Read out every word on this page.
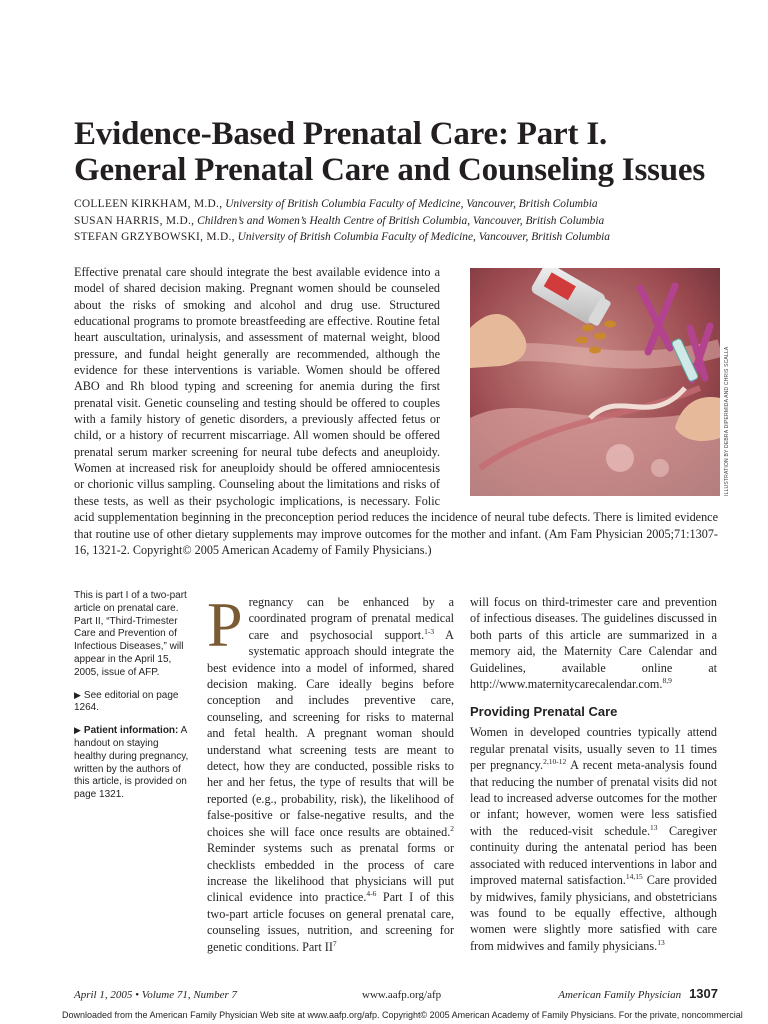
Evidence-Based Prenatal Care: Part I.
General Prenatal Care and Counseling Issues
COLLEEN KIRKHAM, M.D., University of British Columbia Faculty of Medicine, Vancouver, British Columbia
SUSAN HARRIS, M.D., Children’s and Women’s Health Centre of British Columbia, Vancouver, British Columbia
STEFAN GRZYBOWSKI, M.D., University of British Columbia Faculty of Medicine, Vancouver, British Columbia
Effective prenatal care should integrate the best available evidence into a model of shared decision making. Pregnant women should be counseled about the risks of smoking and alcohol and drug use. Structured educational programs to promote breastfeeding are effective. Routine fetal heart auscultation, urinalysis, and assessment of maternal weight, blood pressure, and fundal height generally are recommended, although the evidence for these interventions is variable. Women should be offered ABO and Rh blood typing and screening for anemia during the first prenatal visit. Genetic counseling and testing should be offered to couples with a family history of genetic disorders, a previously affected fetus or child, or a history of recurrent miscarriage. All women should be offered prenatal serum marker screening for neural tube defects and aneuploidy. Women at increased risk for aneuploidy should be offered amniocentesis or chorionic villus sampling. Counseling about the limitations and risks of these tests, as well as their psychologic implications, is necessary. Folic acid supplementation beginning in the preconception period reduces the incidence of neural tube defects. There is limited evidence that routine use of other dietary supplements may improve outcomes for the mother and infant. (Am Fam Physician 2005;71:1307-16, 1321-2. Copyright© 2005 American Academy of Family Physicians.)
ILLUSTRATION BY DEBRA DIPERMIDA AND CHRIS SCALLA

This is part I of a two-part article on prenatal care. Part II, “Third-Trimester Care and Prevention of Infectious Diseases,” will appear in the April 15, 2005, issue of AFP.

▶ See editorial on page 1264.

▶ Patient information: A handout on staying healthy during pregnancy, written by the authors of this article, is provided on page 1321.

Pregnancy can be enhanced by a coordinated program of prenatal medical care and psychosocial support.$^{1-3}$ A systematic approach should integrate the best evidence into a model of informed, shared decision making. Care ideally begins before conception and includes preventive care, counseling, and screening for risks to maternal and fetal health. A pregnant woman should understand what screening tests are meant to detect, how they are conducted, possible risks to her and her fetus, the type of results that will be reported (e.g., probability, risk), the likelihood of false-positive or false-negative results, and the choices she will face once results are obtained.$^2$ Reminder systems such as prenatal forms or checklists embedded in the process of care increase the likelihood that physicians will put clinical evidence into practice.$^{4-6}$ Part I of this two-part article focuses on general prenatal care, counseling issues, nutrition, and screening for genetic conditions. Part $II^7$

will focus on third-trimester care and prevention of infectious diseases. The guidelines discussed in both parts of this article are summarized in a memory aid, the Maternity Care Calendar and Guidelines, available online at http://www.maternitycarecalendar.com.$^{8,9}$

Providing Prenatal Care

Women in developed countries typically attend regular prenatal visits, usually seven to 11 times per pregnancy.$^{2,10-12}$ A recent meta-analysis found that reducing the number of prenatal visits did not lead to increased adverse outcomes for the mother or infant; however, women were less satisfied with the reduced-visit schedule.$^{13}$ Caregiver continuity during the antenatal period has been associated with reduced interventions in labor and improved maternal satisfaction.$^{14,15}$ Care provided by midwives, family physicians, and obstetricians was found to be equally effective, although women were slightly more satisfied with care from midwives and family physicians.$^{13}$

April 1, 2005 • Volume 71, Number 7	www.aafp.org/afp	American Family Physician 1307
Downloaded from the American Family Physician Web site at www.aafp.org/afp. Copyright© 2005 American Academy of Family Physicians. For the private, noncommercial
